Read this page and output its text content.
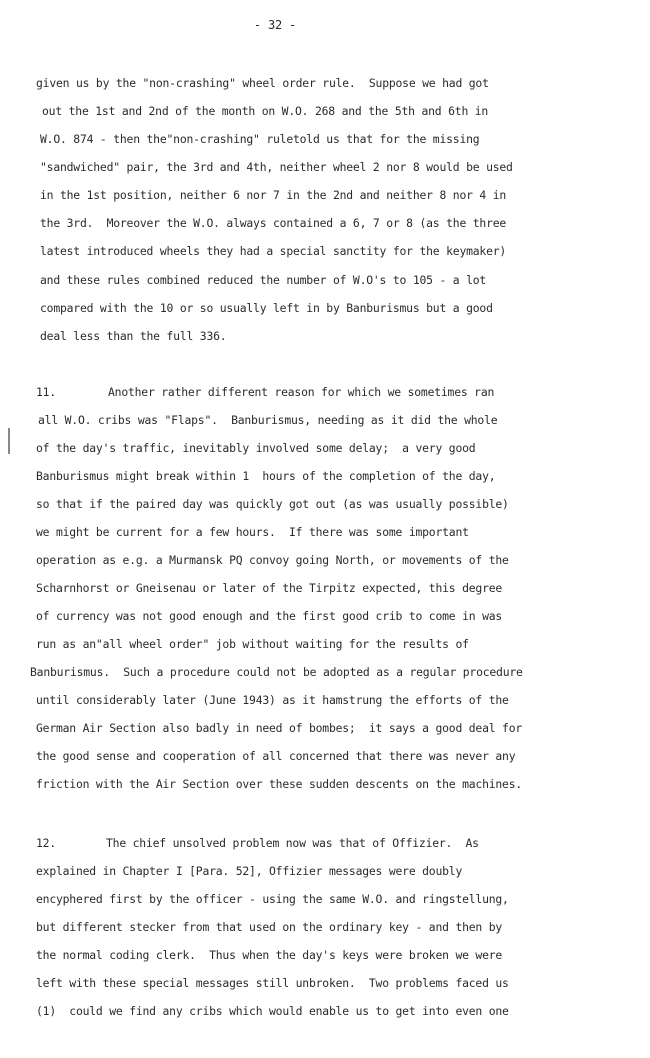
- 32 -
given us by the "non-crashing" wheel order rule.  Suppose we had got
out the 1st and 2nd of the month on W.O. 268 and the 5th and 6th in
W.O. 874 - then the"non-crashing" ruletold us that for the missing
"sandwiched" pair, the 3rd and 4th, neither wheel 2 nor 8 would be used
in the 1st position, neither 6 nor 7 in the 2nd and neither 8 nor 4 in
the 3rd.  Moreover the W.O. always contained a 6, 7 or 8 (as the three
latest introduced wheels they had a special sanctity for the keymaker)
and these rules combined reduced the number of W.O's to 105 - a lot
compared with the 10 or so usually left in by Banburismus but a good
deal less than the full 336.
11.	Another rather different reason for which we sometimes ran
all W.O. cribs was "Flaps".  Banburismus, needing as it did the whole
of the day's traffic, inevitably involved some delay;  a very good
Banburismus might break within 1  hours of the completion of the day,
so that if the paired day was quickly got out (as was usually possible)
we might be current for a few hours.  If there was some important
operation as e.g. a Murmansk PQ convoy going North, or movements of the
Scharnhorst or Gneisenau or later of the Tirpitz expected, this degree
of currency was not good enough and the first good crib to come in was
run as an"all wheel order" job without waiting for the results of
Banburismus.  Such a procedure could not be adopted as a regular procedure
until considerably later (June 1943) as it hamstrung the efforts of the
German Air Section also badly in need of bombes;  it says a good deal for
the good sense and cooperation of all concerned that there was never any
friction with the Air Section over these sudden descents on the machines.
12.	The chief unsolved problem now was that of Offizier.  As
explained in Chapter I [Para. 52], Offizier messages were doubly
encyphered first by the officer - using the same W.O. and ringstellung,
but different stecker from that used on the ordinary key - and then by
the normal coding clerk.  Thus when the day's keys were broken we were
left with these special messages still unbroken.  Two problems faced us
(1)  could we find any cribs which would enable us to get into even one
